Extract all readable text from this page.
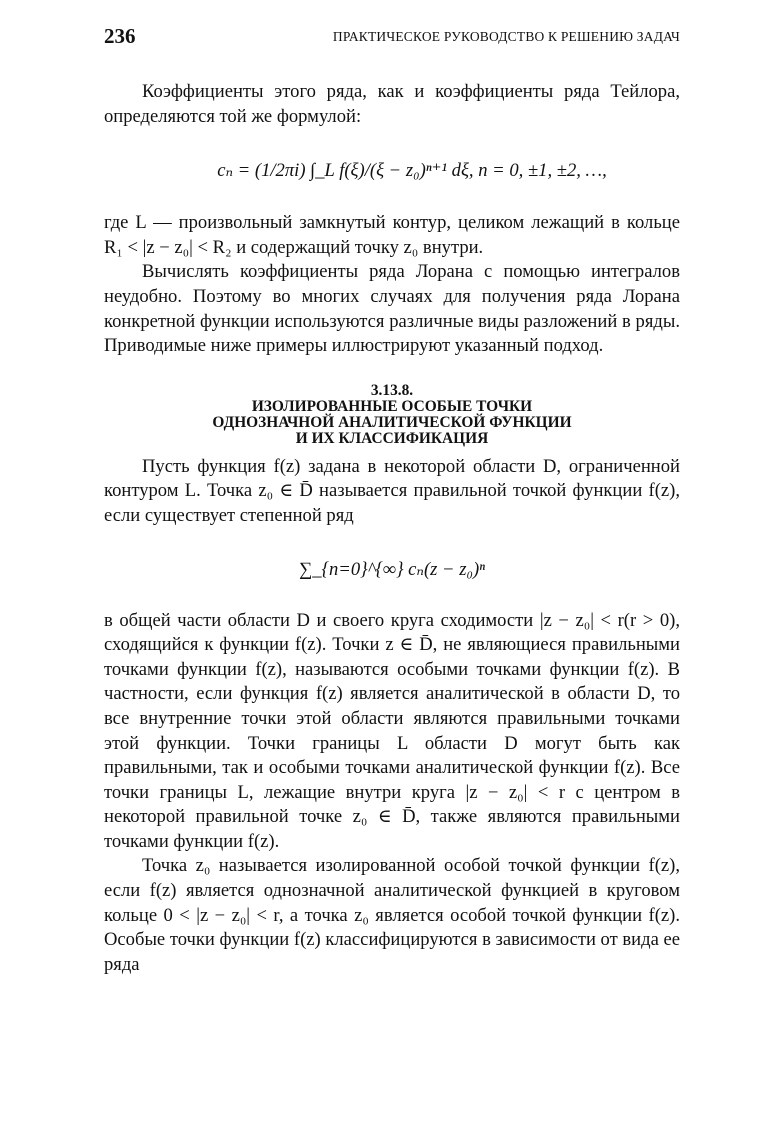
236	ПРАКТИЧЕСКОЕ РУКОВОДСТВО К РЕШЕНИЮ ЗАДАЧ

Коэффициенты этого ряда, как и коэффициенты ряда Тейлора, определяются той же формулой:

cₙ = (1/2πi) ∫_L f(ξ)/(ξ − z₀)ⁿ⁺¹ dξ, n = 0, ±1, ±2, …,

где L — произвольный замкнутый контур, целиком лежащий в кольце R₁ < |z − z₀| < R₂ и содержащий точку z₀ внутри.

Вычислять коэффициенты ряда Лорана с помощью интегралов неудобно. Поэтому во многих случаях для получения ряда Лорана конкретной функции используются различные виды разложений в ряды. Приводимые ниже примеры иллюстрируют указанный подход.

3.13.8.
ИЗОЛИРОВАННЫЕ ОСОБЫЕ ТОЧКИ
ОДНОЗНАЧНОЙ АНАЛИТИЧЕСКОЙ ФУНКЦИИ
И ИХ КЛАССИФИКАЦИЯ

Пусть функция f(z) задана в некоторой области D, ограниченной контуром L. Точка z₀ ∈ D̄ называется правильной точкой функции f(z), если существует степенной ряд

∑_{n=0}^{∞} cₙ(z − z₀)ⁿ

в общей части области D и своего круга сходимости |z − z₀| < r(r > 0), сходящийся к функции f(z). Точки z ∈ D̄, не являющиеся правильными точками функции f(z), называются особыми точками функции f(z). В частности, если функция f(z) является аналитической в области D, то все внутренние точки этой области являются правильными точками этой функции. Точки границы L области D могут быть как правильными, так и особыми точками аналитической функции f(z). Все точки границы L, лежащие внутри круга |z − z₀| < r с центром в некоторой правильной точке z₀ ∈ D̄, также являются правильными точками функции f(z).

Точка z₀ называется изолированной особой точкой функции f(z), если f(z) является однозначной аналитической функцией в круговом кольце 0 < |z − z₀| < r, а точка z₀ является особой точкой функции f(z). Особые точки функции f(z) классифицируются в зависимости от вида ее ряда
